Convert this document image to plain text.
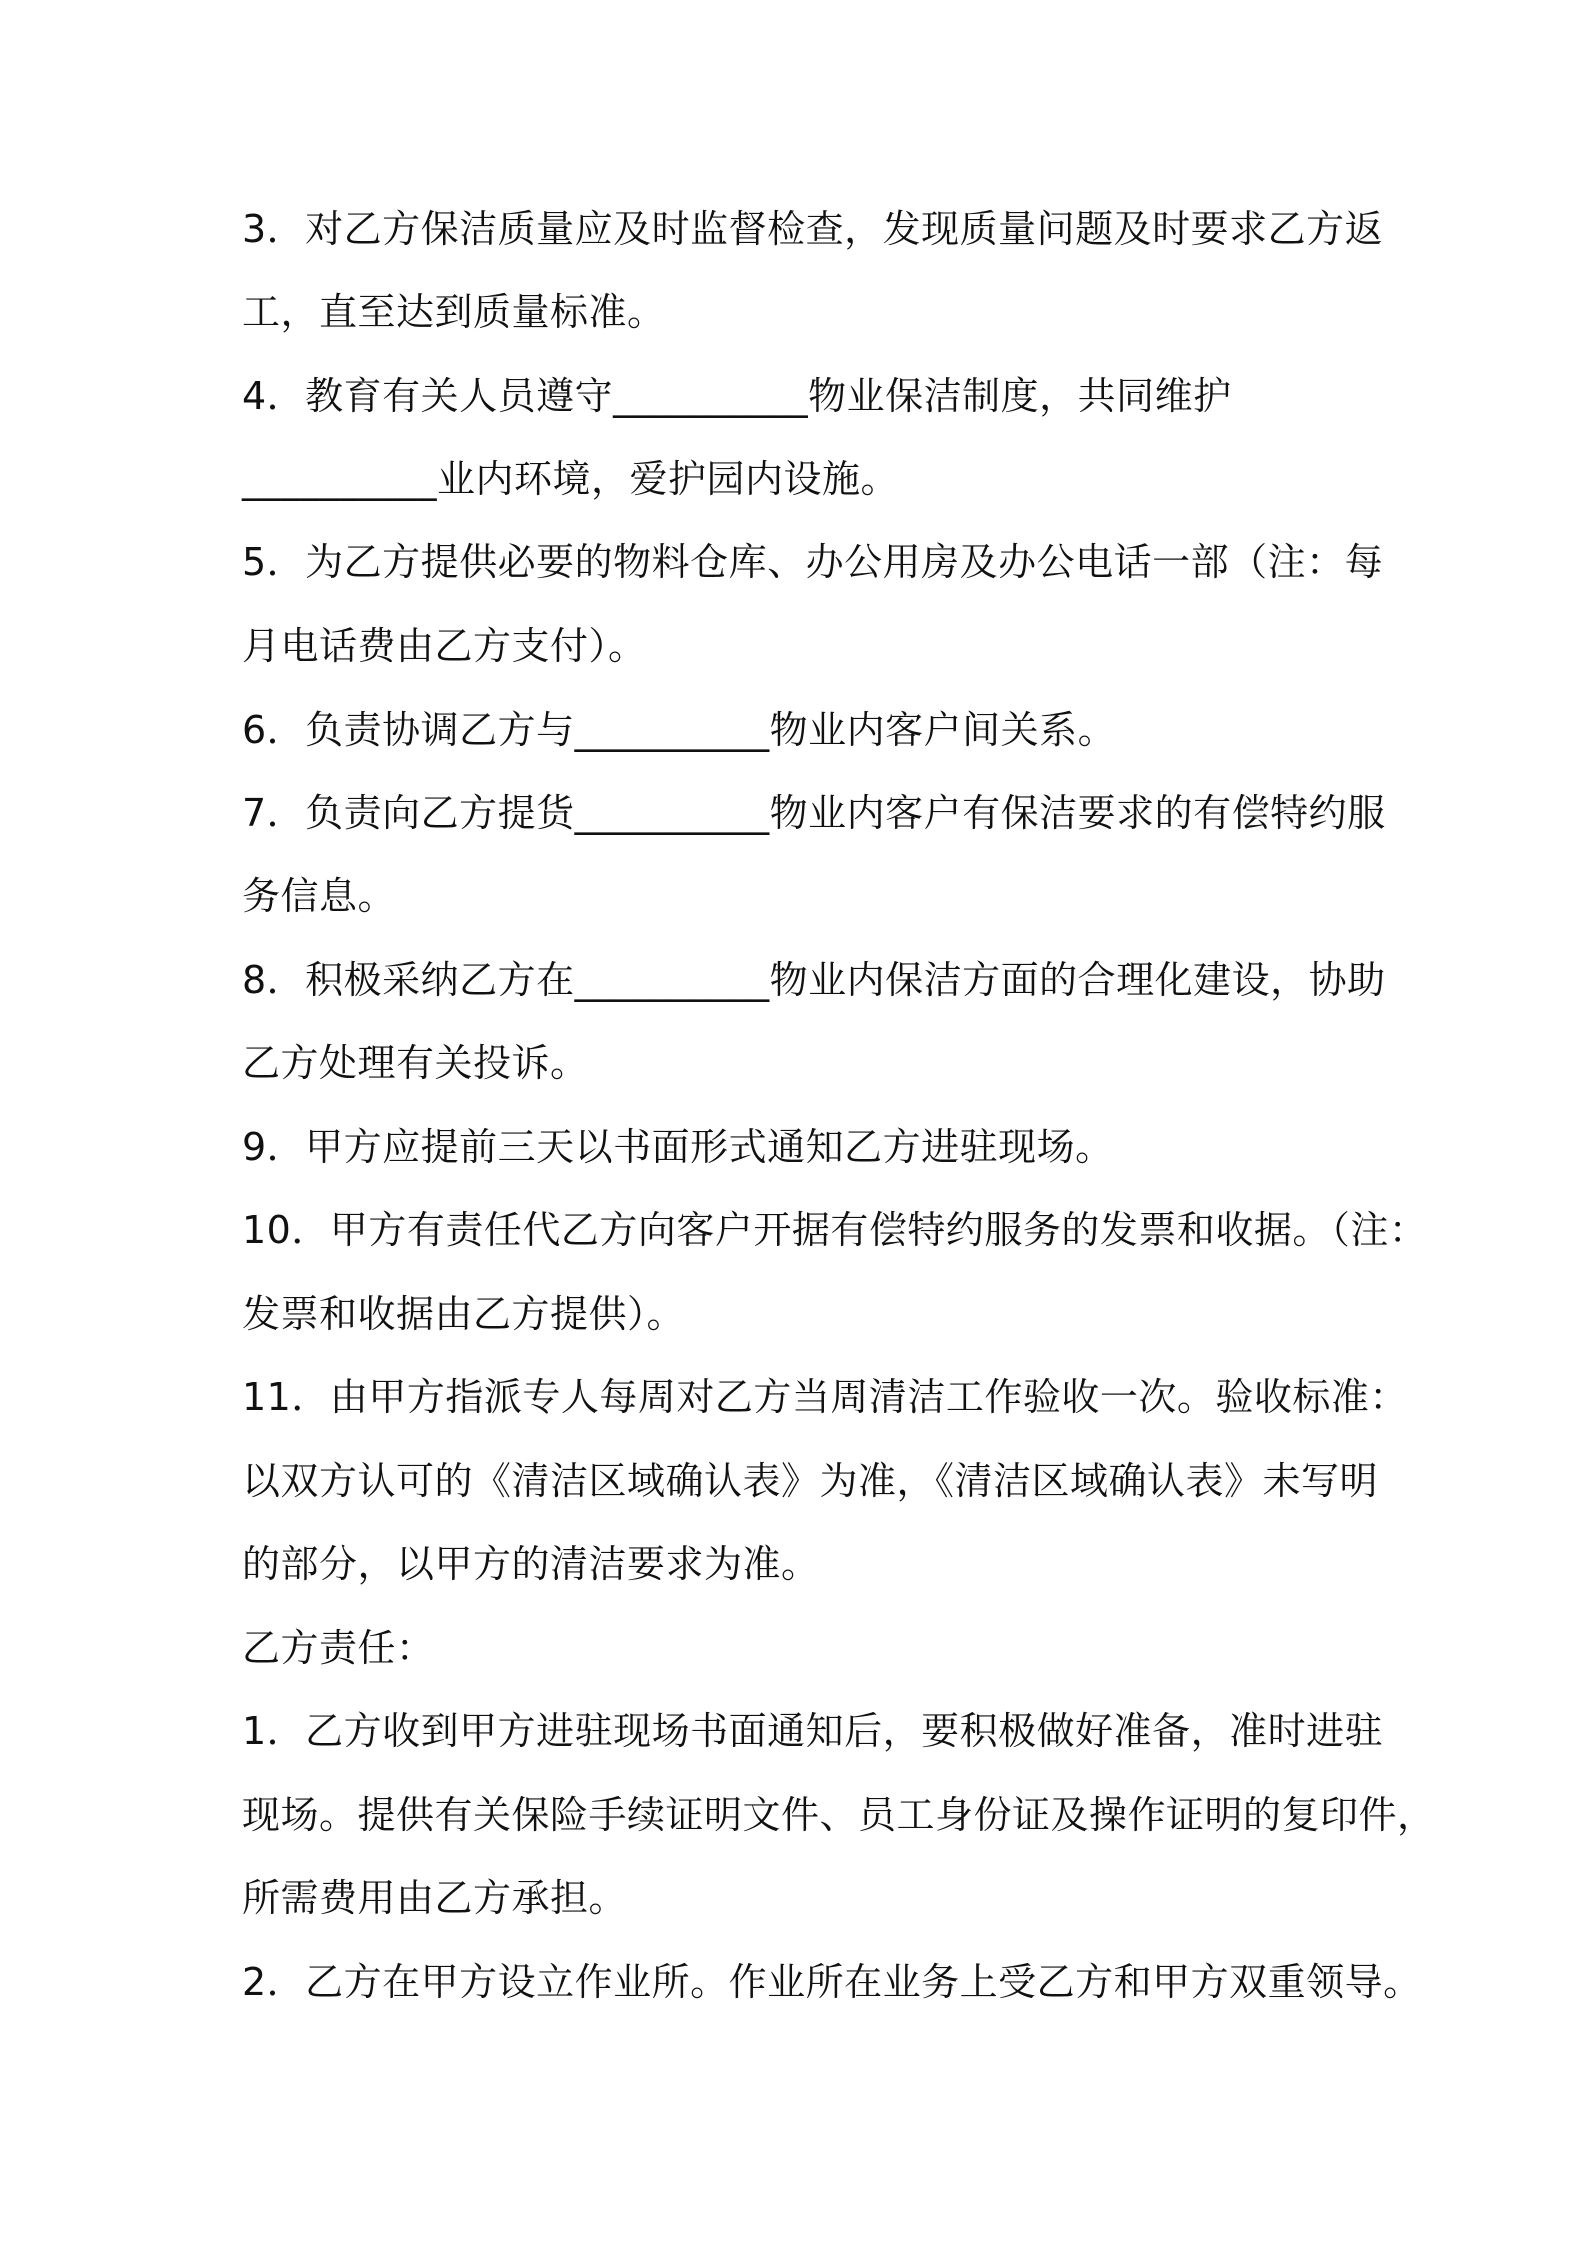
3．对乙方保洁质量应及时监督检查，发现质量问题及时要求乙方返
工，直至达到质量标准。
4．教育有关人员遵守__________物业保洁制度，共同维护
__________业内环境，爱护园内设施。
5．为乙方提供必要的物料仓库、办公用房及办公电话一部（注：每
月电话费由乙方支付）。
6．负责协调乙方与__________物业内客户间关系。
7．负责向乙方提货__________物业内客户有保洁要求的有偿特约服
务信息。
8．积极采纳乙方在__________物业内保洁方面的合理化建设，协助
乙方处理有关投诉。
9．甲方应提前三天以书面形式通知乙方进驻现场。
10．甲方有责任代乙方向客户开据有偿特约服务的发票和收据。（注：
发票和收据由乙方提供）。
11．由甲方指派专人每周对乙方当周清洁工作验收一次。验收标准：
以双方认可的《清洁区域确认表》为准，《清洁区域确认表》未写明
的部分，以甲方的清洁要求为准。
乙方责任：
1．乙方收到甲方进驻现场书面通知后，要积极做好准备，准时进驻
现场。提供有关保险手续证明文件、员工身份证及操作证明的复印件，
所需费用由乙方承担。
2．乙方在甲方设立作业所。作业所在业务上受乙方和甲方双重领导。
